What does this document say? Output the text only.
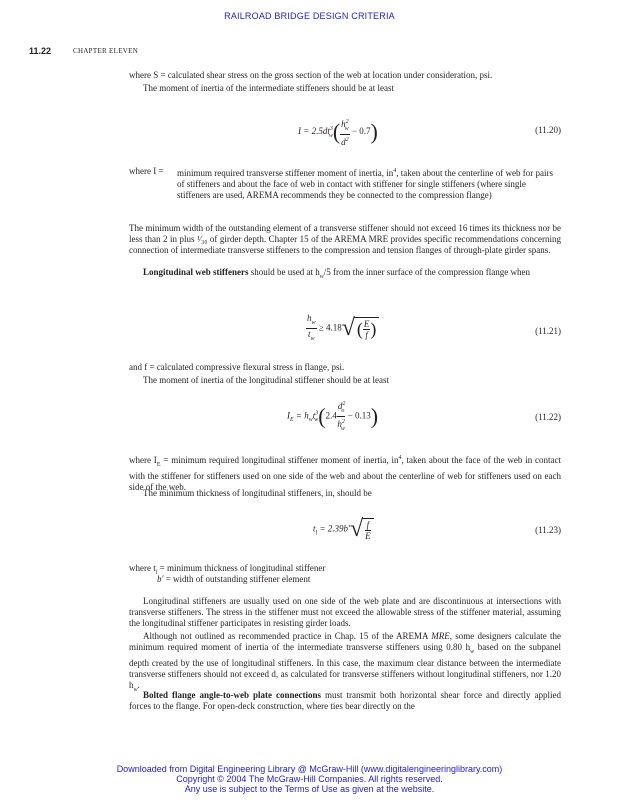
RAILROAD BRIDGE DESIGN CRITERIA
11.22	CHAPTER ELEVEN
where S = calculated shear stress on the gross section of the web at location under consideration, psi.
The moment of inertia of the intermediate stiffeners should be at least
$I = 2.5dt^3_w( \frac{h^2_w}{d^2} - 0.7)$	(11.20)
where I =	minimum required transverse stiffener moment of inertia, $in^4$, taken about the centerline of web for pairs of stiffeners and about the face of web in contact with stiffener for single stiffeners (where single stiffeners are used, AREMA recommends they be connected to the compression flange)
The minimum width of the outstanding element of a transverse stiffener should not exceed 16 times its thickness nor be less than 2 in plus ¹⁄₃₀ of girder depth. Chapter 15 of the AREMA MRE provides specific recommendations concerning connection of intermediate transverse stiffeners to the compression and tension flanges of through-plate girder spans.
Longitudinal web stiffeners should be used at $h_w/5$ from the inner surface of the compression flange when
$\frac{h_w}{t_w} \ge 4.18√$ ( $\frac{E}{f}$ )	(11.21)
and f = calculated compressive flexural stress in flange, psi.
The moment of inertia of the longitudinal stiffener should be at least
$I_E = h_wt^3_w(2.4 \frac{d^2_o}{h^2_w} - 0.13)$	(11.22)
where $I_E$ = minimum required longitudinal stiffener moment of inertia, $in^4$, taken about the face of the web in contact with the stiffener for stiffeners used on one side of the web and about the centerline of web for stiffeners used on each side of the web.
The minimum thickness of longitudinal stiffeners, in, should be
$t_l = 2.39b'√ \frac{f}{E}$	(11.23)
where $t_l$ = minimum thickness of longitudinal stiffener
b′ = width of outstanding stiffener element
Longitudinal stiffeners are usually used on one side of the web plate and are discontinuous at intersections with transverse stiffeners. The stress in the stiffener must not exceed the allowable stress of the stiffener material, assuming the longitudinal stiffener participates in resisting girder loads.
Although not outlined as recommended practice in Chap. 15 of the AREMA MRE, some designers calculate the minimum required moment of inertia of the intermediate transverse stiffeners using 0.80 $h_w$ based on the subpanel depth created by the use of longitudinal stiffeners. In this case, the maximum clear distance between the intermediate transverse stiffeners should not exceed d, as calculated for transverse stiffeners without longitudinal stiffeners, nor 1.20 $h_w$.
Bolted flange angle-to-web plate connections must transmit both horizontal shear force and directly applied forces to the flange. For open-deck construction, where ties bear directly on the
Downloaded from Digital Engineering Library @ McGraw-Hill (www.digitalengineeringlibrary.com)
Copyright © 2004 The McGraw-Hill Companies. All rights reserved.
Any use is subject to the Terms of Use as given at the website.
